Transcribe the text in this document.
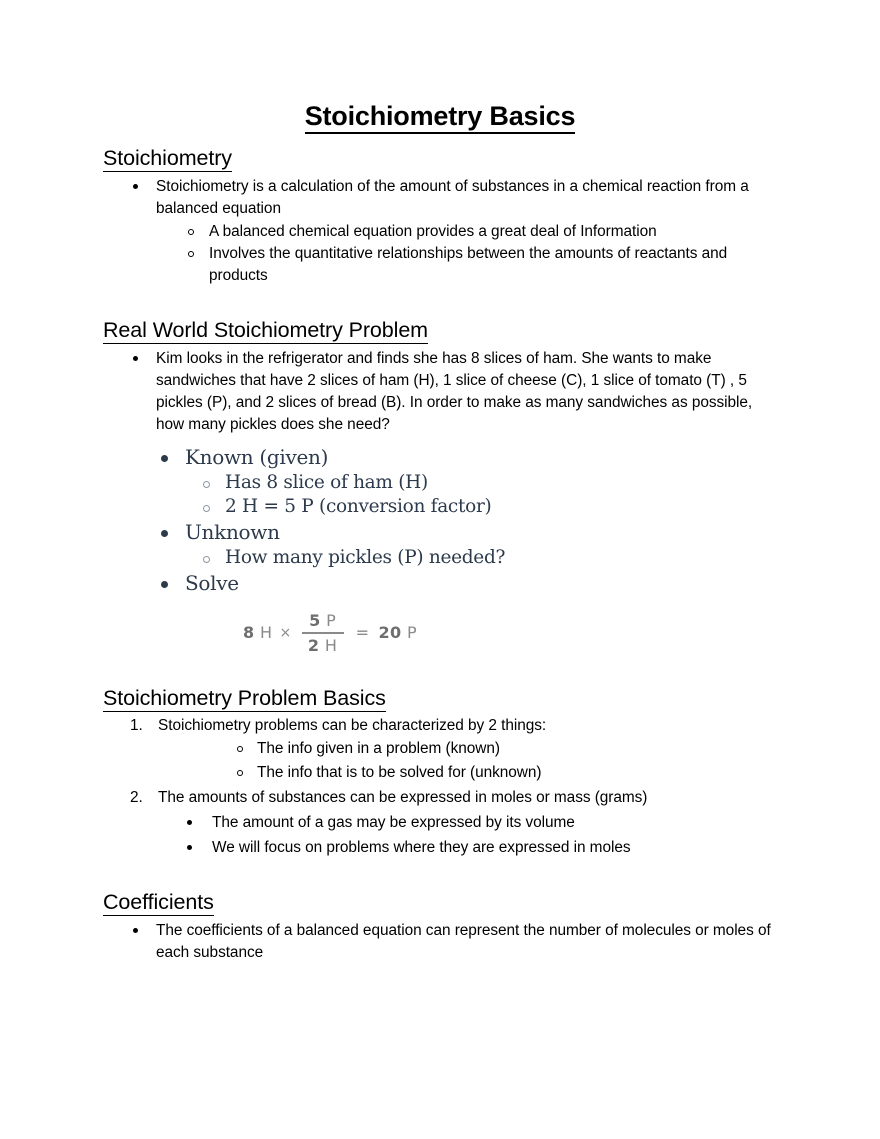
Stoichiometry Basics
Stoichiometry
Stoichiometry is a calculation of the amount of substances in a chemical reaction from a balanced equation
A balanced chemical equation provides a great deal of Information
Involves the quantitative relationships between the amounts of reactants and products
Real World Stoichiometry Problem
Kim looks in the refrigerator and finds she has 8 slices of ham. She wants to make sandwiches that have 2 slices of ham (H), 1 slice of cheese (C), 1 slice of tomato (T) , 5 pickles (P), and 2 slices of bread (B). In order to make as many sandwiches as possible, how many pickles does she need?
Known (given)
Has 8 slice of ham (H)
2 H = 5 P (conversion factor)
Unknown
How many pickles (P) needed?
Solve
8 $H \times \frac{5 P}{2 H} = 20$ P
Stoichiometry Problem Basics
1. Stoichiometry problems can be characterized by 2 things:
The info given in a problem (known)
The info that is to be solved for (unknown)
2. The amounts of substances can be expressed in moles or mass (grams)
The amount of a gas may be expressed by its volume
We will focus on problems where they are expressed in moles
Coefficients
The coefficients of a balanced equation can represent the number of molecules or moles of each substance
